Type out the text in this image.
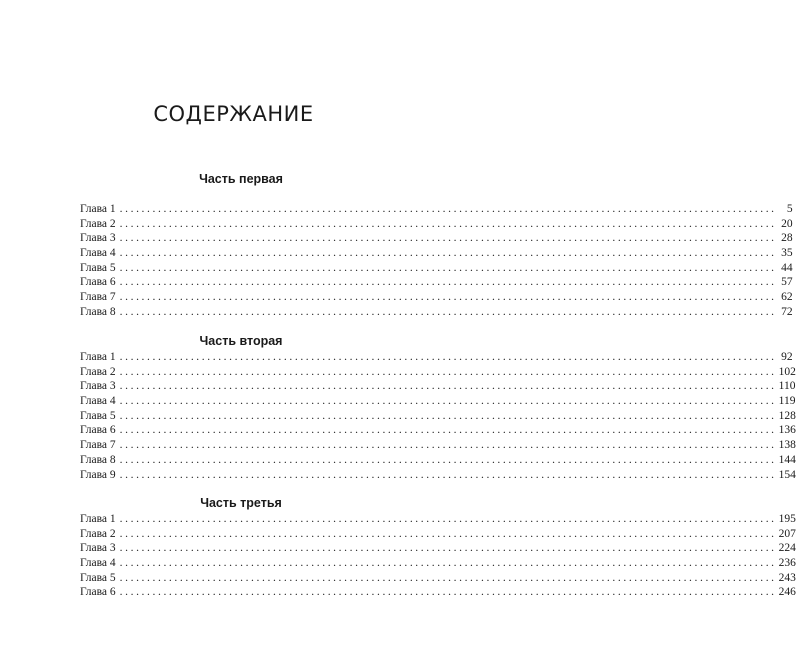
СОДЕРЖАНИЕ
Часть первая
Глава 1 ........................................................................................................................ 5
Глава 2 ........................................................................................................................ 20
Глава 3 ........................................................................................................................ 28
Глава 4 ........................................................................................................................ 35
Глава 5 ........................................................................................................................ 44
Глава 6 ........................................................................................................................ 57
Глава 7 ........................................................................................................................ 62
Глава 8 ........................................................................................................................ 72
Часть вторая
Глава 1 ........................................................................................................................ 92
Глава 2 ........................................................................................................................ 102
Глава 3 ........................................................................................................................ 110
Глава 4 ........................................................................................................................ 119
Глава 5 ........................................................................................................................ 128
Глава 6 ........................................................................................................................ 136
Глава 7 ........................................................................................................................ 138
Глава 8 ........................................................................................................................ 144
Глава 9 ........................................................................................................................ 154
Часть третья
Глава 1 ........................................................................................................................ 195
Глава 2 ........................................................................................................................ 207
Глава 3 ........................................................................................................................ 224
Глава 4 ........................................................................................................................ 236
Глава 5 ........................................................................................................................ 243
Глава 6 ........................................................................................................................ 246
